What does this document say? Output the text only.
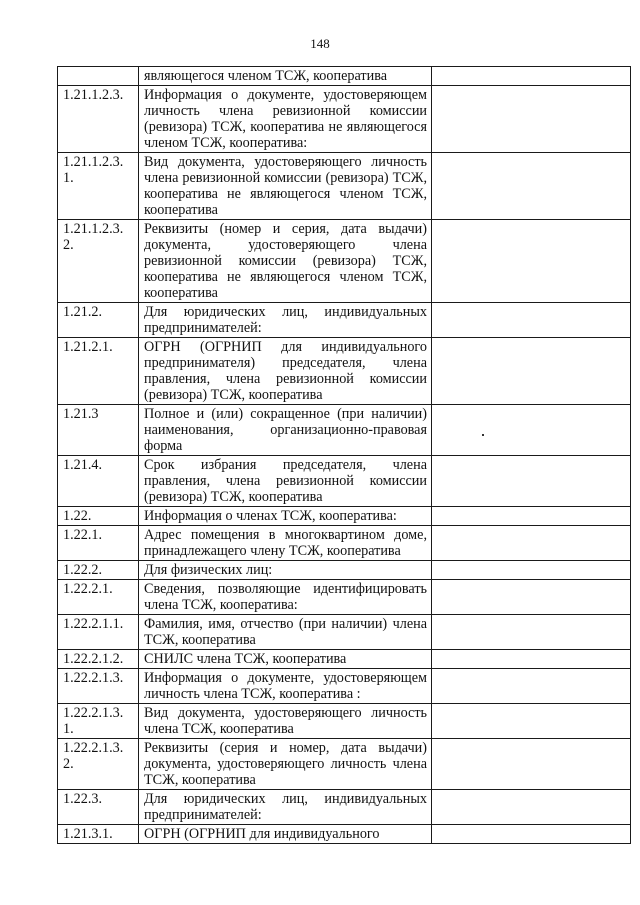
148
	являющегося членом ТСЖ, кооператива	
1.21.1.2.3.	Информация о документе, удостоверяющем личность члена ревизионной комиссии (ревизора) ТСЖ, кооператива не являющегося членом ТСЖ, кооператива:	
1.21.1.2.3.
1.	Вид документа, удостоверяющего личность члена ревизионной комиссии (ревизора) ТСЖ, кооператива не являющегося членом ТСЖ, кооператива	
1.21.1.2.3.
2.	Реквизиты (номер и серия, дата выдачи) документа, удостоверяющего члена ревизионной комиссии (ревизора) ТСЖ, кооператива не являющегося членом ТСЖ, кооператива	
1.21.2.	Для юридических лиц, индивидуальных предпринимателей:	
1.21.2.1.	ОГРН (ОГРНИП для индивидуального предпринимателя) председателя, члена правления, члена ревизионной комиссии (ревизора) ТСЖ, кооператива	
1.21.3	Полное и (или) сокращенное (при наличии) наименования, организационно-правовая форма	
1.21.4.	Срок избрания председателя, члена правления, члена ревизионной комиссии (ревизора) ТСЖ, кооператива	
1.22.	Информация о членах ТСЖ, кооператива:	
1.22.1.	Адрес помещения в многоквартином доме, принадлежащего члену ТСЖ, кооператива	
1.22.2.	Для физических лиц:	
1.22.2.1.	Сведения, позволяющие идентифицировать члена ТСЖ, кооператива:	
1.22.2.1.1.	Фамилия, имя, отчество (при наличии) члена ТСЖ, кооператива	
1.22.2.1.2.	СНИЛС члена ТСЖ, кооператива	
1.22.2.1.3.	Информация о документе, удостоверяющем личность члена ТСЖ, кооператива :	
1.22.2.1.3.
1.	Вид документа, удостоверяющего личность члена ТСЖ, кооператива	
1.22.2.1.3.
2.	Реквизиты (серия и номер, дата выдачи) документа, удостоверяющего личность члена ТСЖ, кооператива	
1.22.3.	Для юридических лиц, индивидуальных предпринимателей:	
1.21.3.1.	ОГРН (ОГРНИП для индивидуального	
